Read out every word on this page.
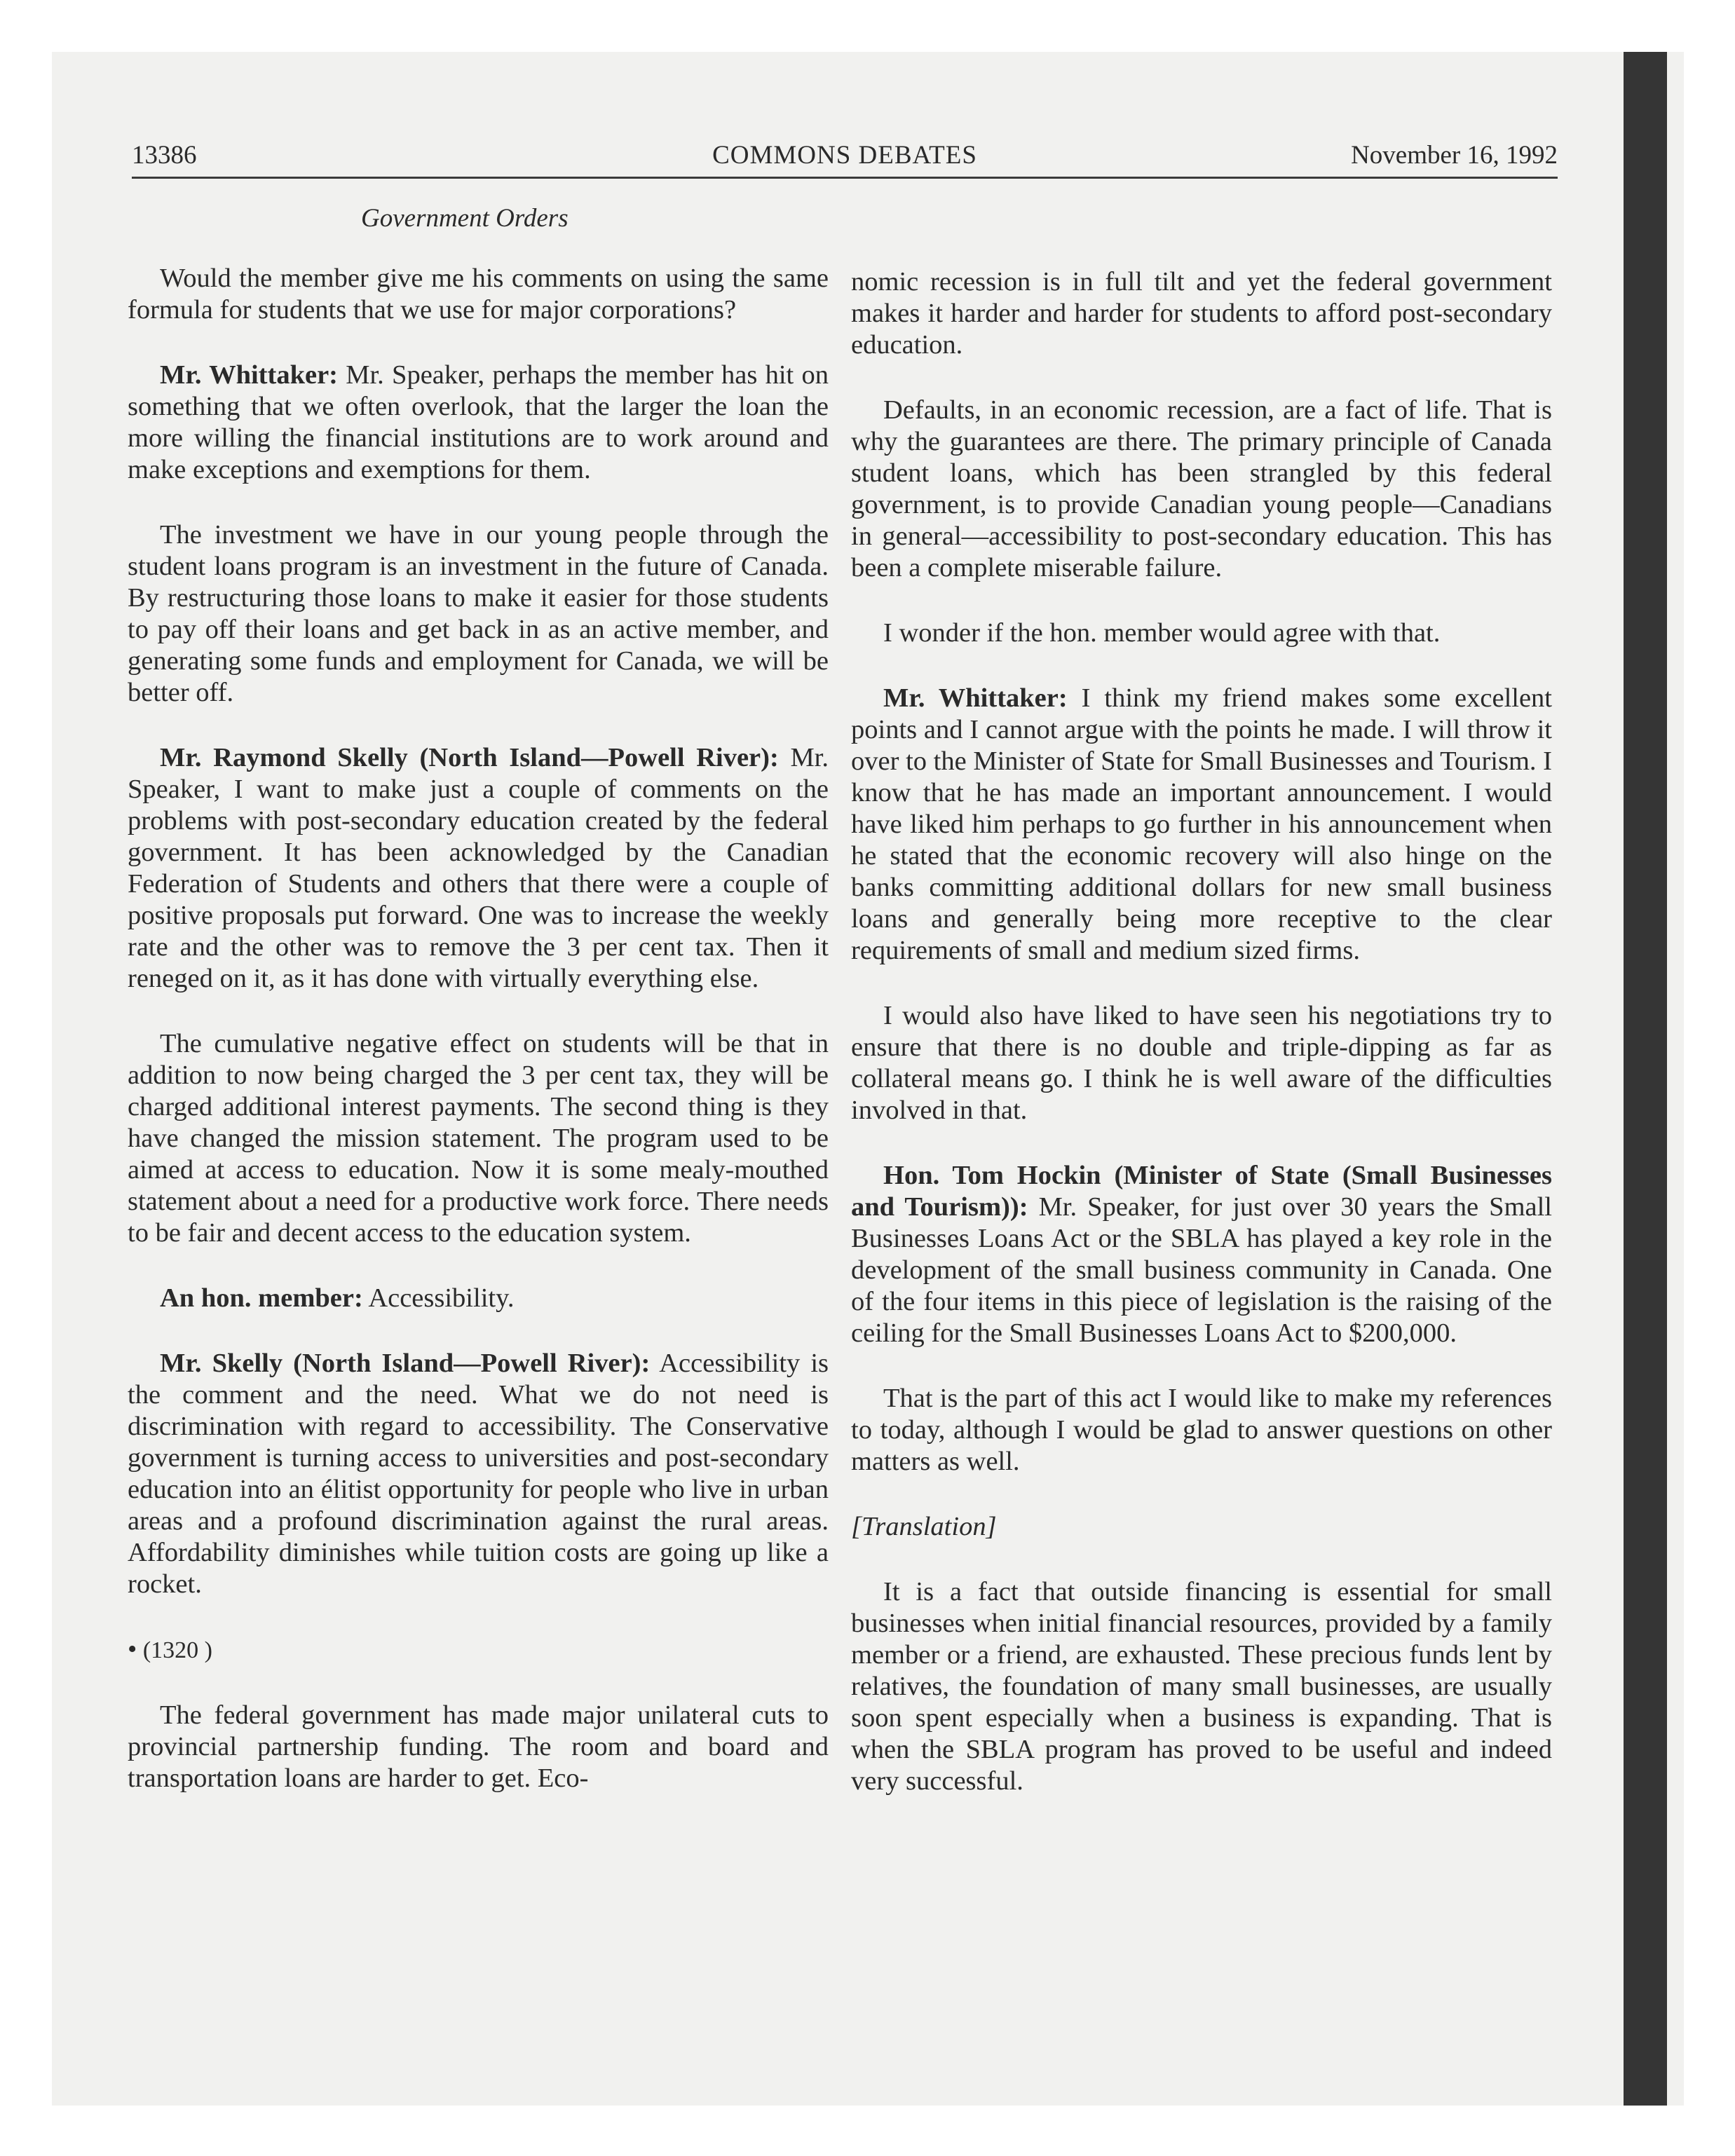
13386	COMMONS DEBATES	November 16, 1992
Government Orders

Would the member give me his comments on using the same formula for students that we use for major corporations?

Mr. Whittaker: Mr. Speaker, perhaps the member has hit on something that we often overlook, that the larger the loan the more willing the financial institutions are to work around and make exceptions and exemptions for them.

The investment we have in our young people through the student loans program is an investment in the future of Canada. By restructuring those loans to make it easier for those students to pay off their loans and get back in as an active member, and generating some funds and employment for Canada, we will be better off.

Mr. Raymond Skelly (North Island—Powell River): Mr. Speaker, I want to make just a couple of comments on the problems with post-secondary education created by the federal government. It has been acknowledged by the Canadian Federation of Students and others that there were a couple of positive proposals put forward. One was to increase the weekly rate and the other was to remove the 3 per cent tax. Then it reneged on it, as it has done with virtually everything else.

The cumulative negative effect on students will be that in addition to now being charged the 3 per cent tax, they will be charged additional interest payments. The second thing is they have changed the mission statement. The program used to be aimed at access to education. Now it is some mealy-mouthed statement about a need for a productive work force. There needs to be fair and decent access to the education system.

An hon. member: Accessibility.

Mr. Skelly (North Island—Powell River): Accessibility is the comment and the need. What we do not need is discrimination with regard to accessibility. The Conservative government is turning access to universities and post-secondary education into an élitist opportunity for people who live in urban areas and a profound discrimination against the rural areas. Affordability diminishes while tuition costs are going up like a rocket.

• (1320 )

The federal government has made major unilateral cuts to provincial partnership funding. The room and board and transportation loans are harder to get. Eco-

nomic recession is in full tilt and yet the federal government makes it harder and harder for students to afford post-secondary education.

Defaults, in an economic recession, are a fact of life. That is why the guarantees are there. The primary principle of Canada student loans, which has been strangled by this federal government, is to provide Canadian young people—Canadians in general—accessibility to post-secondary education. This has been a complete miserable failure.

I wonder if the hon. member would agree with that.

Mr. Whittaker: I think my friend makes some excellent points and I cannot argue with the points he made. I will throw it over to the Minister of State for Small Businesses and Tourism. I know that he has made an important announcement. I would have liked him perhaps to go further in his announcement when he stated that the economic recovery will also hinge on the banks committing additional dollars for new small business loans and generally being more receptive to the clear requirements of small and medium sized firms.

I would also have liked to have seen his negotiations try to ensure that there is no double and triple-dipping as far as collateral means go. I think he is well aware of the difficulties involved in that.

Hon. Tom Hockin (Minister of State (Small Businesses and Tourism)): Mr. Speaker, for just over 30 years the Small Businesses Loans Act or the SBLA has played a key role in the development of the small business community in Canada. One of the four items in this piece of legislation is the raising of the ceiling for the Small Businesses Loans Act to $200,000.

That is the part of this act I would like to make my references to today, although I would be glad to answer questions on other matters as well.

[Translation]

It is a fact that outside financing is essential for small businesses when initial financial resources, provided by a family member or a friend, are exhausted. These precious funds lent by relatives, the foundation of many small businesses, are usually soon spent especially when a business is expanding. That is when the SBLA program has proved to be useful and indeed very successful.
